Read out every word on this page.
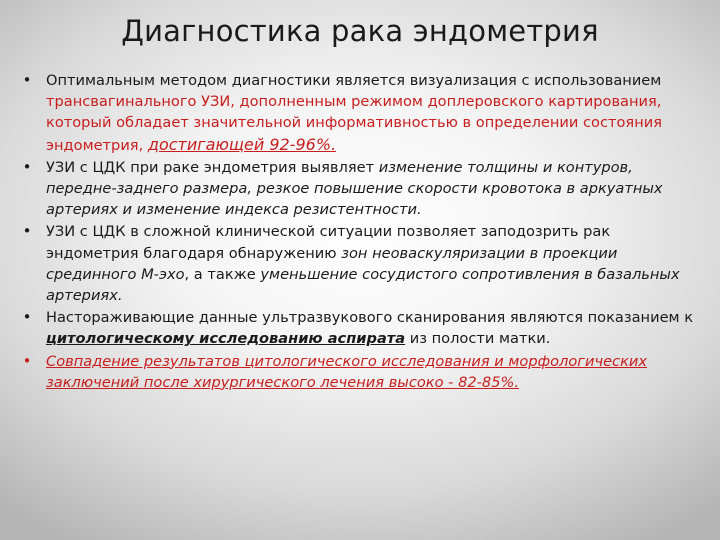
Диагностика рака эндометрия
• Оптимальным методом диагностики является визуализация с использованием трансвагинального УЗИ, дополненным режимом доплеровского картирования, который обладает значительной информативностью в определении состояния эндометрия, достигающей 92-96%.
• УЗИ с ЦДК при раке эндометрия выявляет изменение толщины и контуров, передне-заднего размера, резкое повышение скорости кровотока в аркуатных артериях и изменение индекса резистентности.
• УЗИ с ЦДК в сложной клинической ситуации позволяет заподозрить рак эндометрия благодаря обнаружению зон неоваскуляризации в проекции срединного М-эхо, а также уменьшение сосудистого сопротивления в базальных артериях.
• Настораживающие данные ультразвукового сканирования являются показанием к цитологическому исследованию аспирата из полости матки.
• Совпадение результатов цитологического исследования и морфологических заключений после хирургического лечения высоко - 82-85%.
